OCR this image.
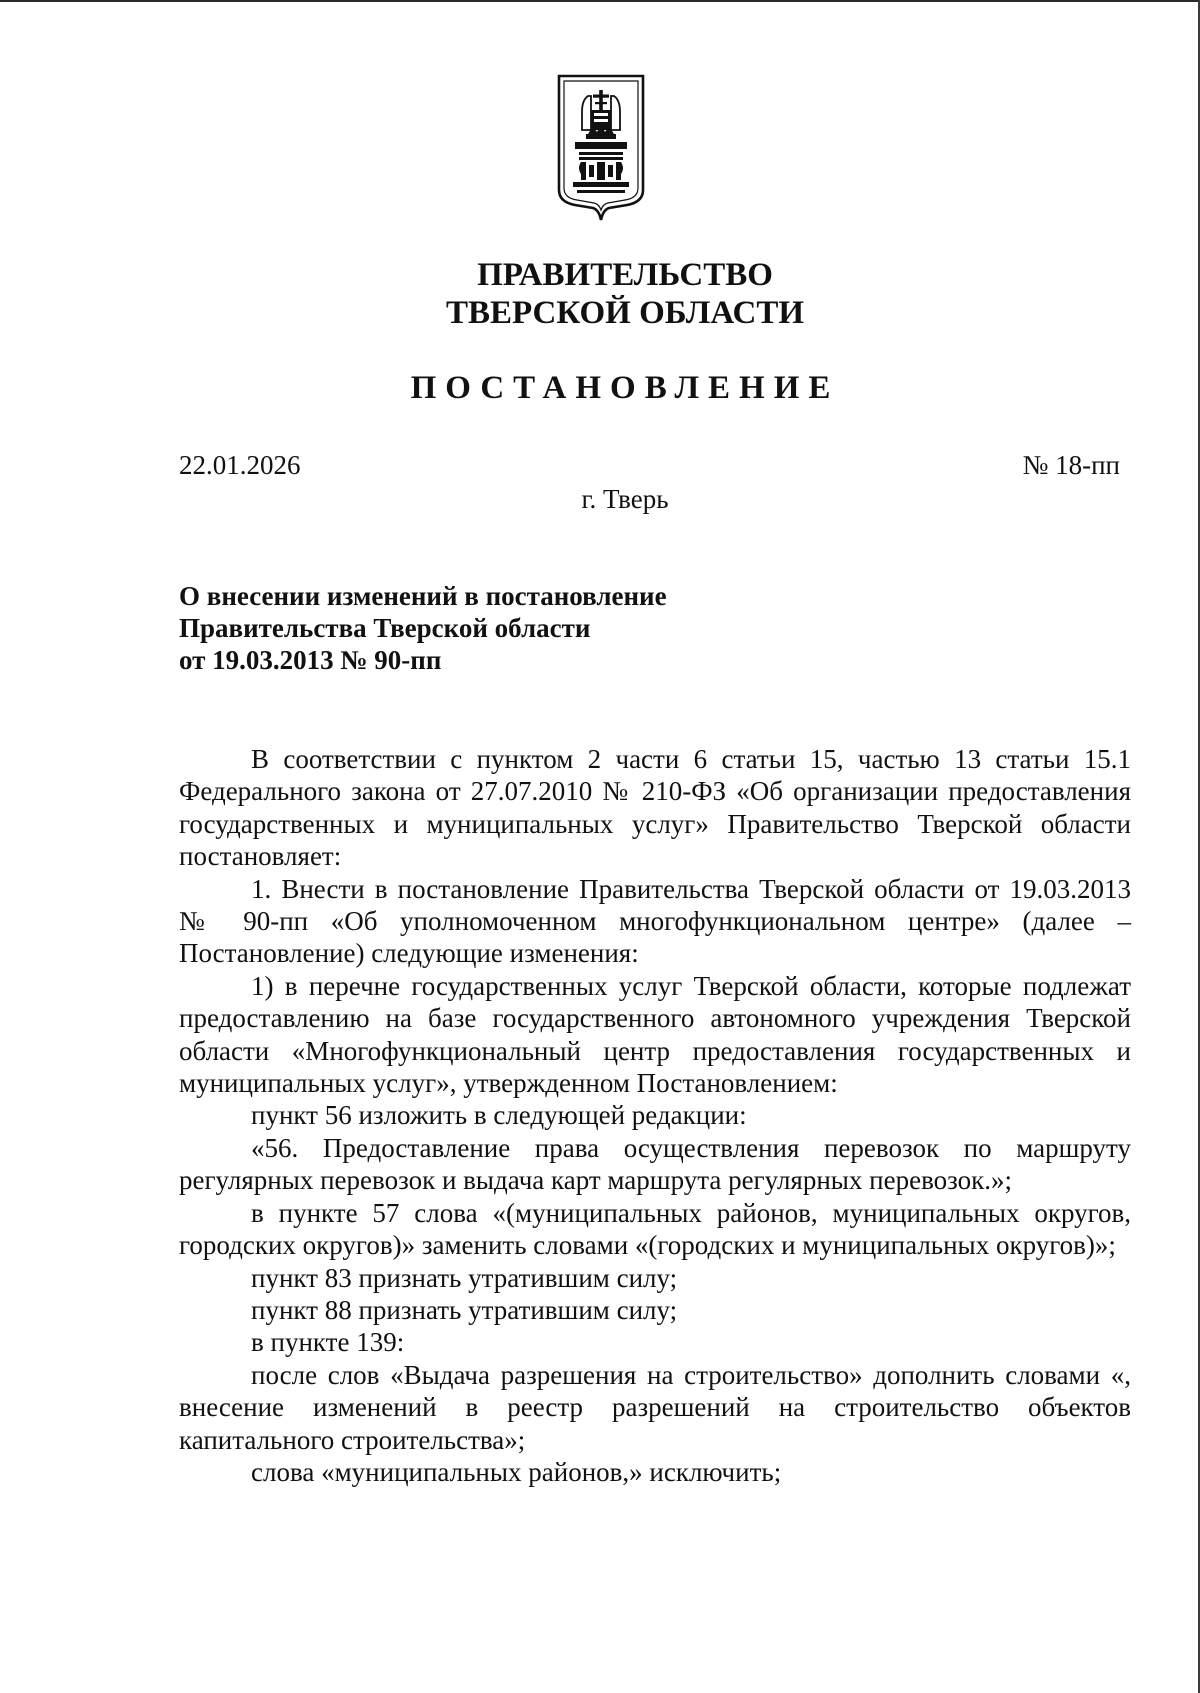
ПРАВИТЕЛЬСТВО
ТВЕРСКОЙ ОБЛАСТИ
ПОСТАНОВЛЕНИЕ
22.01.2026	№ 18-пп
г. Тверь
О внесении изменений в постановление
Правительства Тверской области
от 19.03.2013 № 90-пп

В соответствии с пунктом 2 части 6 статьи 15, частью 13 статьи 15.1 Федерального закона от 27.07.2010 № 210-ФЗ «Об организации предоставления государственных и муниципальных услуг» Правительство Тверской области постановляет:

1. Внести в постановление Правительства Тверской области от 19.03.2013 № 90-пп «Об уполномоченном многофункциональном центре» (далее – Постановление) следующие изменения:

1) в перечне государственных услуг Тверской области, которые подлежат предоставлению на базе государственного автономного учреждения Тверской области «Многофункциональный центр предоставления государственных и муниципальных услуг», утвержденном Постановлением:

пункт 56 изложить в следующей редакции:

«56. Предоставление права осуществления перевозок по маршруту регулярных перевозок и выдача карт маршрута регулярных перевозок.»;

в пункте 57 слова «(муниципальных районов, муниципальных округов, городских округов)» заменить словами «(городских и муниципальных округов)»;

пункт 83 признать утратившим силу;

пункт 88 признать утратившим силу;

в пункте 139:

после слов «Выдача разрешения на строительство» дополнить словами «, внесение изменений в реестр разрешений на строительство объектов капитального строительства»;

слова «муниципальных районов,» исключить;
